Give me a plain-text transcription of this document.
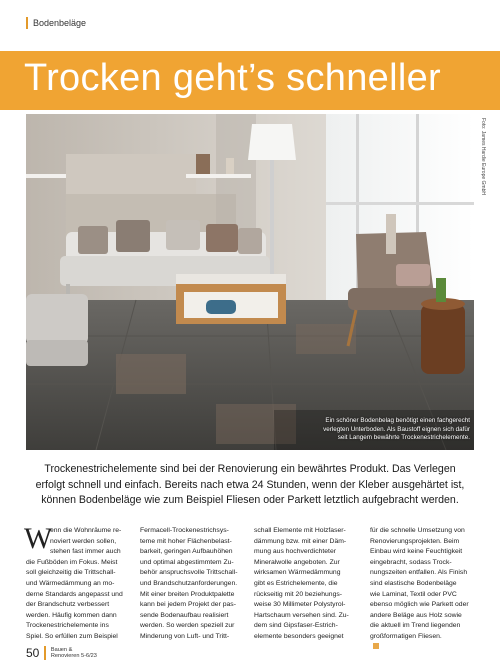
Bodenbeläge
Trocken geht’s schneller
Foto: James Hardie Europe GmbH
Ein schöner Bodenbelag benötigt einen fachgerecht
verlegten Unterboden. Als Baustoff eignen sich dafür
seit Langem bewährte Trockenestrichelemente.
Trockenestrichelemente sind bei der Renovierung ein bewährtes Produkt. Das Verlegen
erfolgt schnell und einfach. Bereits nach etwa 24 Stunden, wenn der Kleber ausgehärtet ist,
können Bodenbeläge wie zum Beispiel Fliesen oder Parkett letztlich aufgebracht werden.
W
enn die Wohnräume re-
noviert werden sollen,
stehen fast immer auch
die Fußböden im Fokus. Meist
soll gleichzeitig die Trittschall-
und Wärmedämmung an mo-
derne Standards angepasst und
der Brandschutz verbessert
werden. Häufig kommen dann
Trockenestrichelemente ins
Spiel. So erfüllen zum Beispiel
Fermacell-Trockenestrichsys-
teme mit hoher Flächenbelast-
barkeit, geringen Aufbauhöhen
und optimal abgestimmtem Zu-
behör anspruchsvolle Trittschall-
und Brandschutzanforderungen.
Mit einer breiten Produktpalette
kann bei jedem Projekt der pas-
sende Bodenaufbau realisiert
werden. So werden speziell zur
Minderung von Luft- und Tritt-
schall Elemente mit Holzfaser-
dämmung bzw. mit einer Däm-
mung aus hochverdichteter
Mineralwolle angeboten. Zur
wirksamen Wärmedämmung
gibt es Estrichelemente, die
rückseitig mit 20 beziehungs-
weise 30 Millimeter Polystyrol-
Hartschaum versehen sind. Zu-
dem sind Gipsfaser-Estrich-
elemente besonders geeignet
für die schnelle Umsetzung von
Renovierungsprojekten. Beim
Einbau wird keine Feuchtigkeit
eingebracht, sodass Trock-
nungszeiten entfallen. Als Finish
sind elastische Bodenbeläge
wie Laminat, Textil oder PVC
ebenso möglich wie Parkett oder
andere Beläge aus Holz sowie
die aktuell im Trend liegenden
großformatigen Fliesen.
50 Bauen &
Renovieren 5-6/23
